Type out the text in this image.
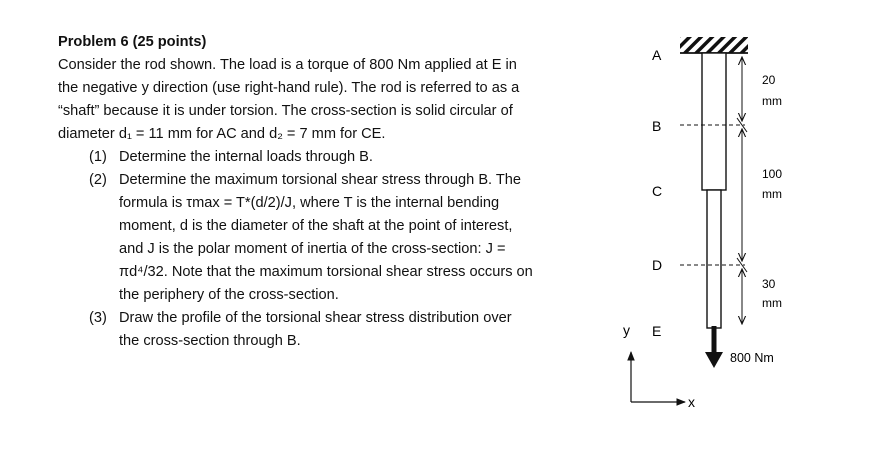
Problem 6 (25 points)

Consider the rod shown. The load is a torque of 800 Nm applied at E in

the negative y direction (use right-hand rule). The rod is referred to as a

“shaft” because it is under torsion. The cross-section is solid circular of

diameter d₁ = 11 mm for AC and d₂ = 7 mm for CE.

(1) Determine the internal loads through B.
(2) Determine the maximum torsional shear stress through B. The
formula is τmax = T*(d/2)/J, where T is the internal bending
moment, d is the diameter of the shaft at the point of interest,
and J is the polar moment of inertia of the cross-section: J =
πd⁴/32. Note that the maximum torsional shear stress occurs on
the periphery of the cross-section.
(3) Draw the profile of the torsional shear stress distribution over
the cross-section through B.
A
B
C
D
E
20
mm
100
mm
30
mm
800 Nm
y
x
